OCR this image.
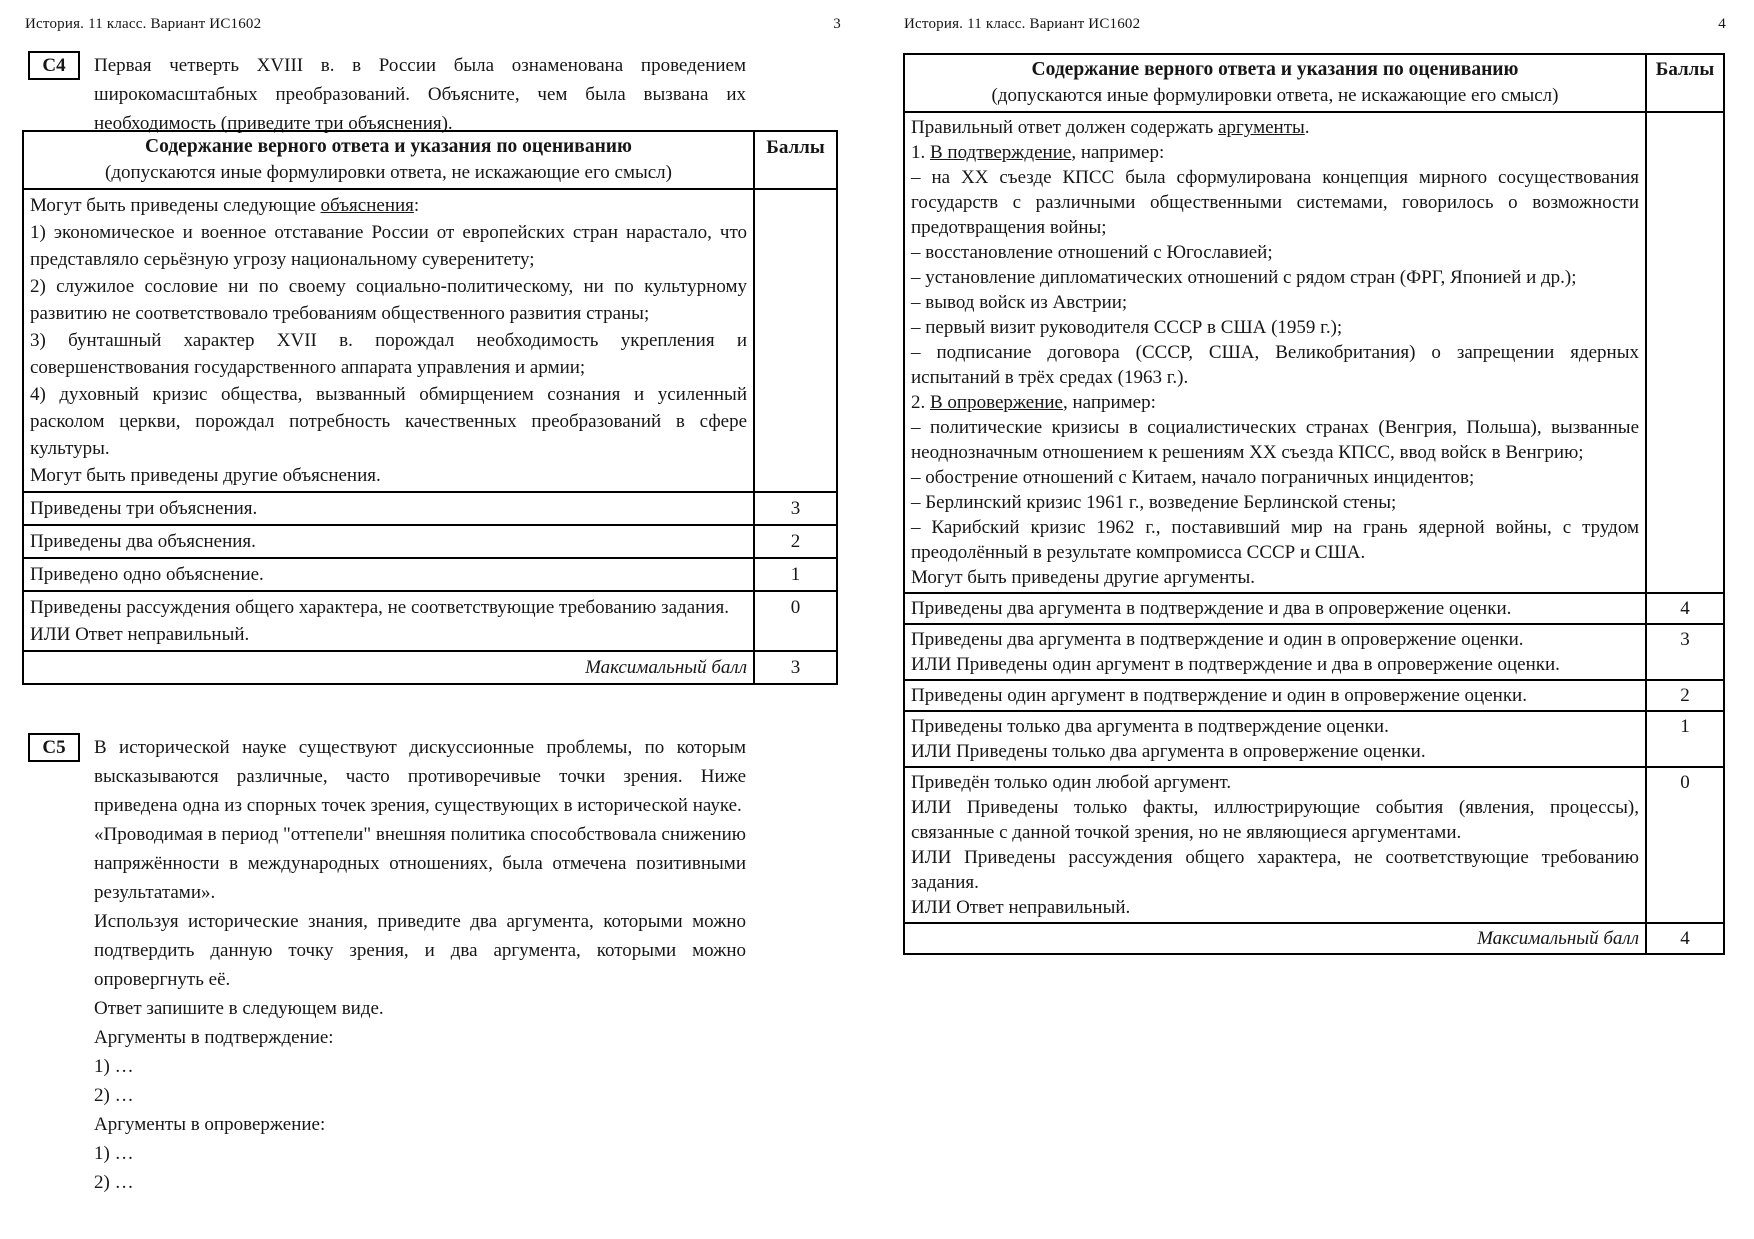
История. 11 класс. Вариант ИС1602	3
С4	Первая четверть XVIII в. в России была ознаменована проведением широкомасштабных преобразований. Объясните, чем была вызвана их необходимость (приведите три объяснения).

Содержание верного ответа и указания по оцениванию
(допускаются иные формулировки ответа, не искажающие его смысл)	Баллы

Могут быть приведены следующие объяснения:

1) экономическое и военное отставание России от европейских стран нарастало, что представляло серьёзную угрозу национальному суверенитету;

2) служилое сословие ни по своему социально-политическому, ни по культурному развитию не соответствовало требованиям общественного развития страны;

3) бунташный характер XVII в. порождал необходимость укрепления и совершенствования государственного аппарата управления и армии;

4) духовный кризис общества, вызванный обмирщением сознания и усиленный расколом церкви, порождал потребность качественных преобразований в сфере культуры.

Могут быть приведены другие объяснения.

Приведены три объяснения.	3

Приведены два объяснения.	2

Приведено одно объяснение.	1

Приведены рассуждения общего характера, не соответствующие требованию задания.

ИЛИ Ответ неправильный.	0
Максимальный балл	3
С5	В исторической науке существуют дискуссионные проблемы, по которым высказываются различные, часто противоречивые точки зрения. Ниже приведена одна из спорных точек зрения, существующих в исторической науке.

«Проводимая в период "оттепели" внешняя политика способствовала снижению напряжённости в международных отношениях, была отмечена позитивными результатами».

Используя исторические знания, приведите два аргумента, которыми можно подтвердить данную точку зрения, и два аргумента, которыми можно опровергнуть её.

Ответ запишите в следующем виде.

Аргументы в подтверждение:

1) …

2) …

Аргументы в опровержение:

1) …

2) …

История. 11 класс. Вариант ИС1602	4
Содержание верного ответа и указания по оцениванию
(допускаются иные формулировки ответа, не искажающие его смысл)	Баллы

Правильный ответ должен содержать аргументы.

1. В подтверждение, например:

– на XX съезде КПСС была сформулирована концепция мирного сосуществования государств с различными общественными системами, говорилось о возможности предотвращения войны;

– восстановление отношений с Югославией;

– установление дипломатических отношений с рядом стран (ФРГ, Японией и др.);

– вывод войск из Австрии;

– первый визит руководителя СССР в США (1959 г.);

– подписание договора (СССР, США, Великобритания) о запрещении ядерных испытаний в трёх средах (1963 г.).

2. В опровержение, например:

– политические кризисы в социалистических странах (Венгрия, Польша), вызванные неоднозначным отношением к решениям XX съезда КПСС, ввод войск в Венгрию;

– обострение отношений с Китаем, начало пограничных инцидентов;

– Берлинский кризис 1961 г., возведение Берлинской стены;

– Карибский кризис 1962 г., поставивший мир на грань ядерной войны, с трудом преодолённый в результате компромисса СССР и США.

Могут быть приведены другие аргументы.

Приведены два аргумента в подтверждение и два в опровержение оценки.	4

Приведены два аргумента в подтверждение и один в опровержение оценки.

ИЛИ Приведены один аргумент в подтверждение и два в опровержение оценки.	3

Приведены один аргумент в подтверждение и один в опровержение оценки.	2

Приведены только два аргумента в подтверждение оценки.

ИЛИ Приведены только два аргумента в опровержение оценки.	1

Приведён только один любой аргумент.

ИЛИ Приведены только факты, иллюстрирующие события (явления, процессы), связанные с данной точкой зрения, но не являющиеся аргументами.

ИЛИ Приведены рассуждения общего характера, не соответствующие требованию задания.

ИЛИ Ответ неправильный.	0
Максимальный балл	4
